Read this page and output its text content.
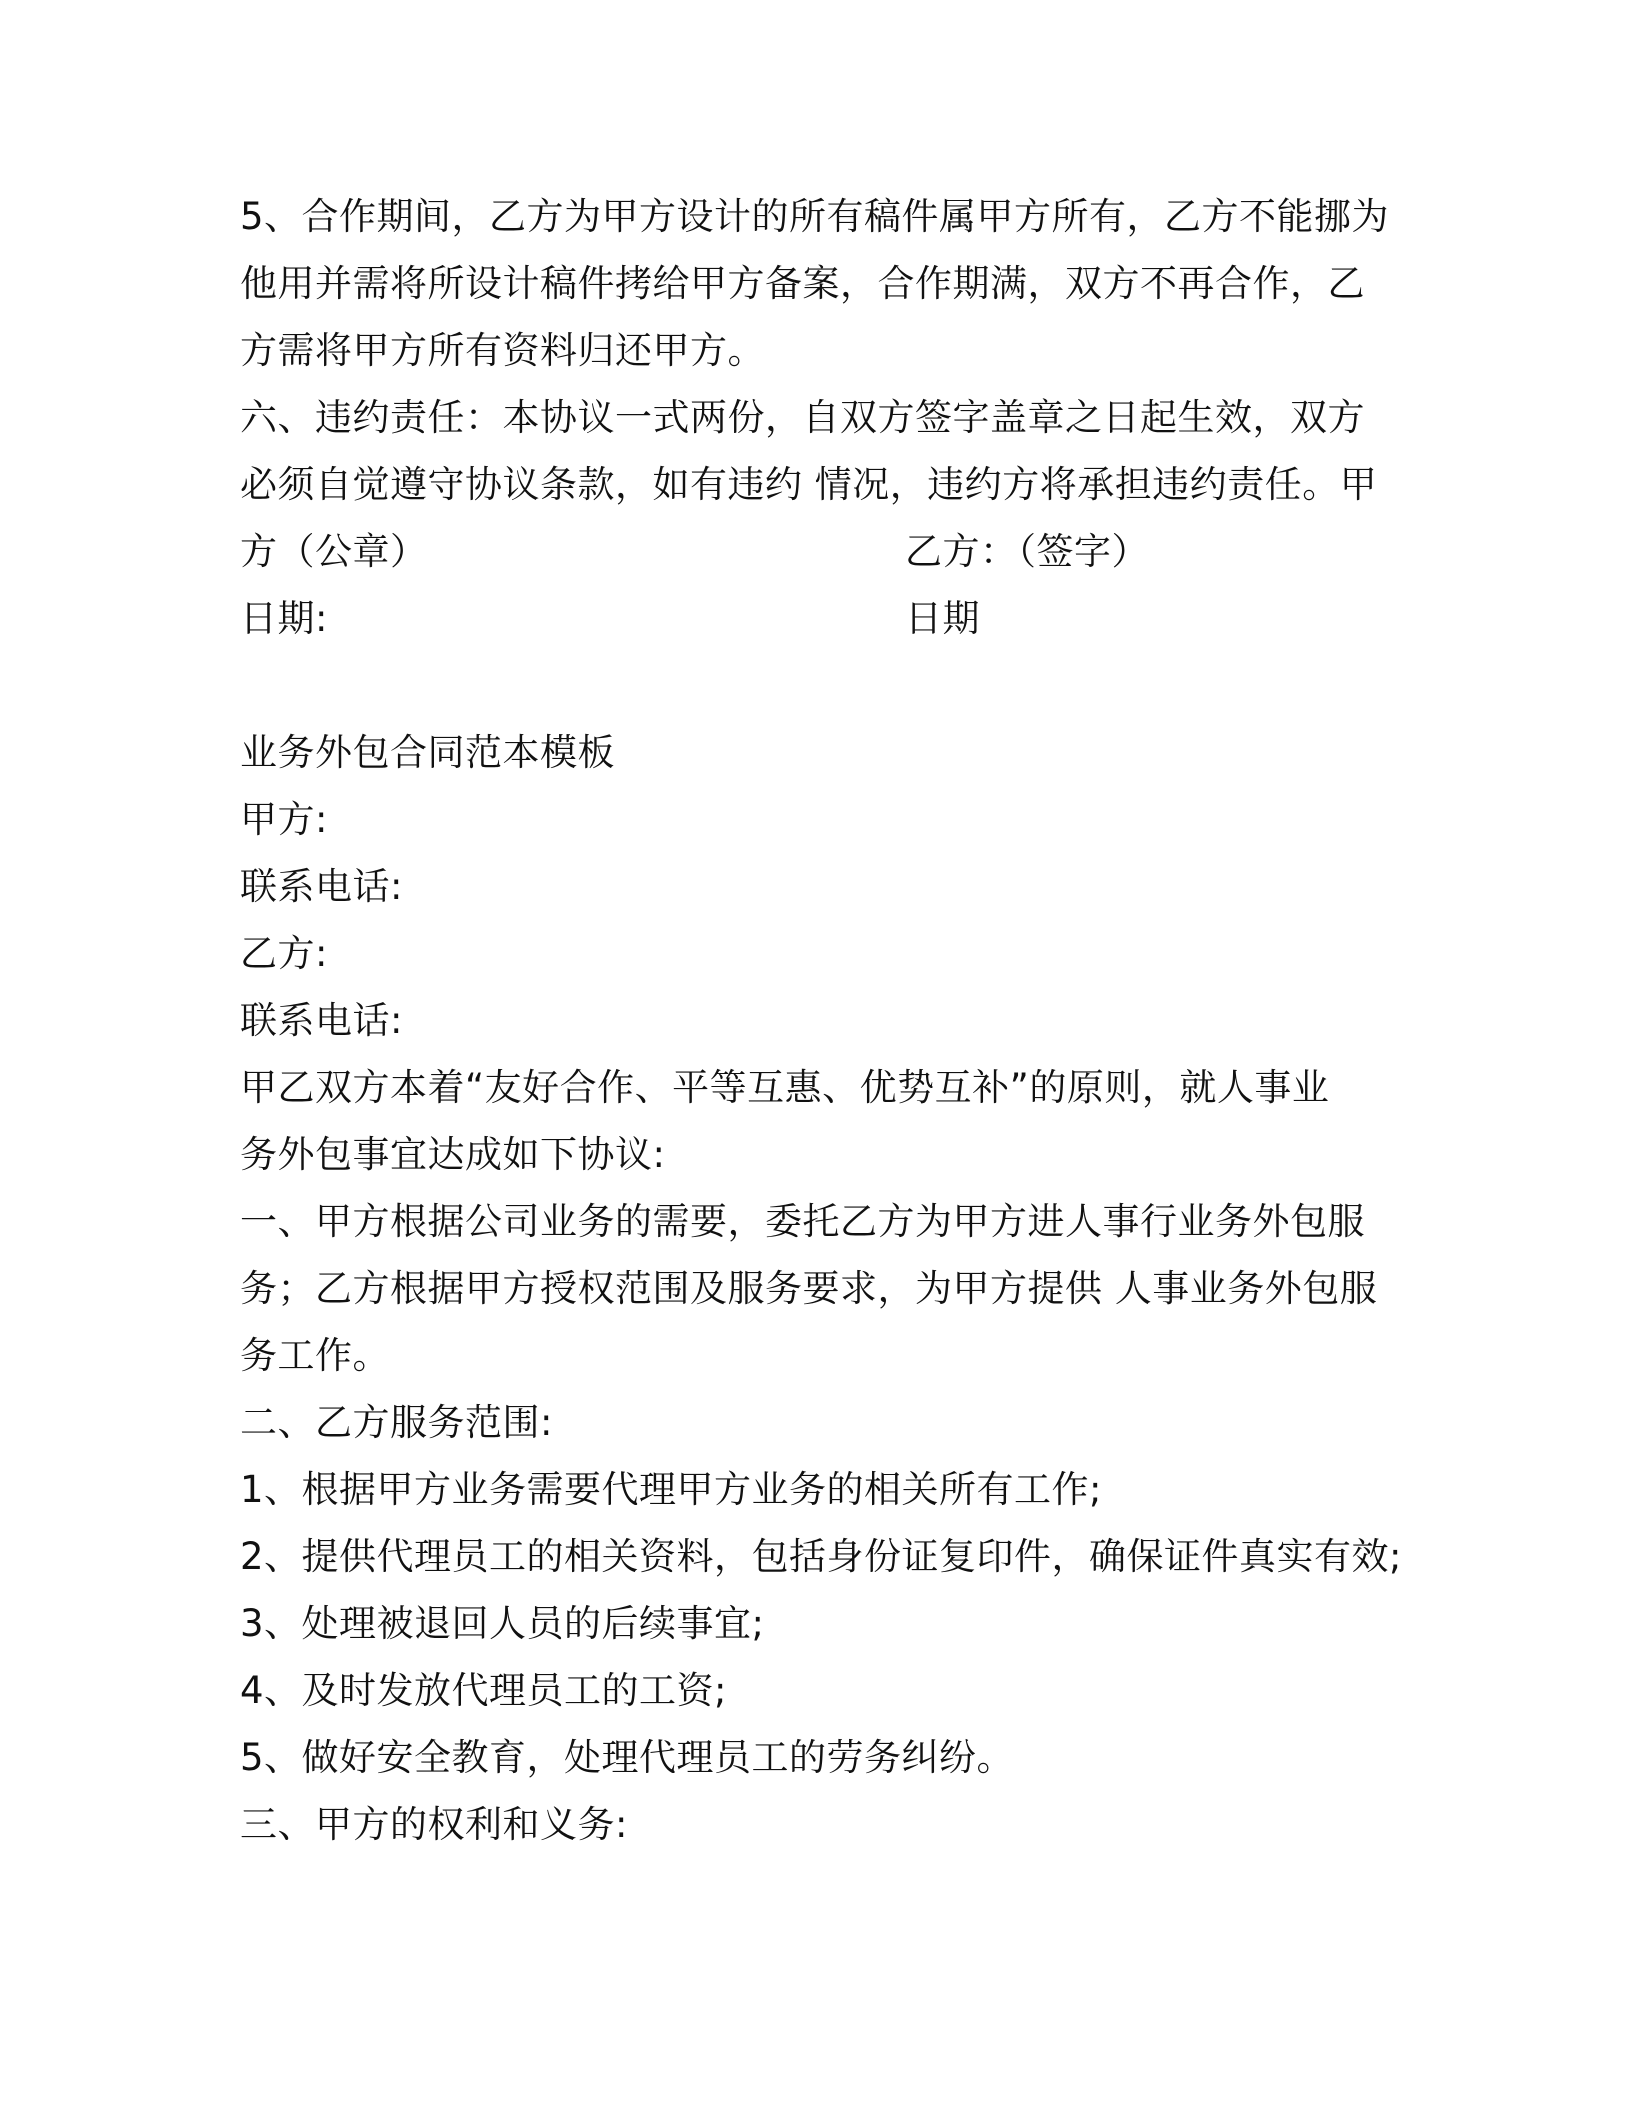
5、合作期间，乙方为甲方设计的所有稿件属甲方所有，乙方不能挪为
他用并需将所设计稿件拷给甲方备案，合作期满，双方不再合作，乙
方需将甲方所有资料归还甲方。
六、违约责任：本协议一式两份，自双方签字盖章之日起生效，双方
必须自觉遵守协议条款，如有违约 情况，违约方将承担违约责任。甲
方（公章）	乙方：（签字）
日期:	日期
业务外包合同范本模板
甲方:
联系电话:
乙方:
联系电话:
甲乙双方本着“友好合作、平等互惠、优势互补”的原则，就人事业
务外包事宜达成如下协议:
一、甲方根据公司业务的需要，委托乙方为甲方进人事行业务外包服
务；乙方根据甲方授权范围及服务要求，为甲方提供 人事业务外包服
务工作。
二、乙方服务范围:
1、根据甲方业务需要代理甲方业务的相关所有工作;
2、提供代理员工的相关资料，包括身份证复印件，确保证件真实有效;
3、处理被退回人员的后续事宜;
4、及时发放代理员工的工资;
5、做好安全教育，处理代理员工的劳务纠纷。
三、甲方的权利和义务:
